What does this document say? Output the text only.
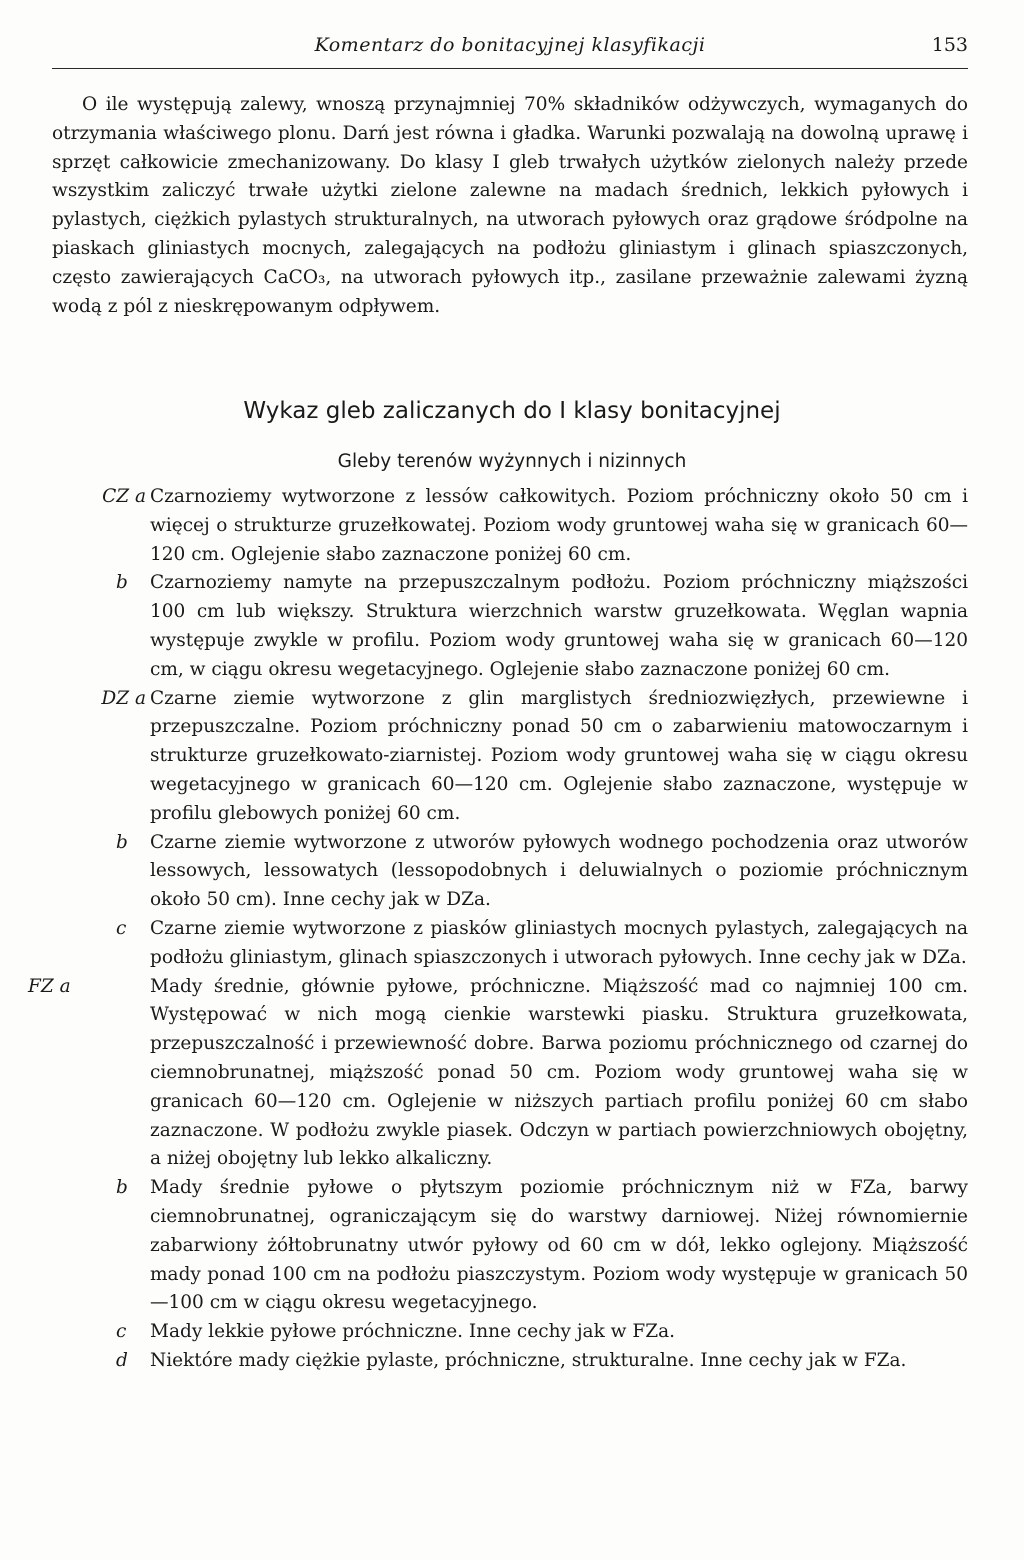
Komentarz do bonitacyjnej klasyfikacji	153

O ile występują zalewy, wnoszą przynajmniej 70% składników odżywczych, wymaganych do otrzymania właściwego plonu. Darń jest równa i gładka. Warunki pozwalają na dowolną uprawę i sprzęt całkowicie zmechanizowany. Do klasy I gleb trwałych użytków zielonych należy przede wszystkim zaliczyć trwałe użytki zielone zalewne na madach średnich, lekkich pyłowych i pylastych, ciężkich pylastych strukturalnych, na utworach pyłowych oraz grądowe śródpolne na piaskach gliniastych mocnych, zalegających na podłożu gliniastym i glinach spiaszczonych, często zawierających CaCO₃, na utworach pyłowych itp., zasilane przeważnie zalewami żyzną wodą z pól z nieskrępowanym odpływem.

Wykaz gleb zaliczanych do I klasy bonitacyjnej
Gleby terenów wyżynnych i nizinnych
CZ a Czarnoziemy wytworzone z lessów całkowitych. Poziom próchniczny około 50 cm i więcej o strukturze gruzełkowatej. Poziom wody gruntowej waha się w granicach 60—120 cm. Oglejenie słabo zaznaczone poniżej 60 cm.
b	Czarnoziemy namyte na przepuszczalnym podłożu. Poziom próchniczny miąższości 100 cm lub większy. Struktura wierzchnich warstw gruzełkowata. Węglan wapnia występuje zwykle w profilu. Poziom wody gruntowej waha się w granicach 60—120 cm, w ciągu okresu wegetacyjnego. Oglejenie słabo zaznaczone poniżej 60 cm.
DZ a Czarne ziemie wytworzone z glin marglistych średniozwięzłych, przewiewne i przepuszczalne. Poziom próchniczny ponad 50 cm o zabarwieniu matowoczarnym i strukturze gruzełkowato-ziarnistej. Poziom wody gruntowej waha się w ciągu okresu wegetacyjnego w granicach 60—120 cm. Oglejenie słabo zaznaczone, występuje w profilu glebowych poniżej 60 cm.
b	Czarne ziemie wytworzone z utworów pyłowych wodnego pochodzenia oraz utworów lessowych, lessowatych (lessopodobnych i deluwialnych o poziomie próchnicznym około 50 cm). Inne cechy jak w DZa.
c	Czarne ziemie wytworzone z piasków gliniastych mocnych pylastych, zalegających na podłożu gliniastym, glinach spiaszczonych i utworach pyłowych. Inne cechy jak w DZa.
FZ a	Mady średnie, głównie pyłowe, próchniczne. Miąższość mad co najmniej 100 cm. Występować w nich mogą cienkie warstewki piasku. Struktura gruzełkowata, przepuszczalność i przewiewność dobre. Barwa poziomu próchnicznego od czarnej do ciemnobrunatnej, miąższość ponad 50 cm. Poziom wody gruntowej waha się w granicach 60—120 cm. Oglejenie w niższych partiach profilu poniżej 60 cm słabo zaznaczone. W podłożu zwykle piasek. Odczyn w partiach powierzchniowych obojętny, a niżej obojętny lub lekko alkaliczny.
b	Mady średnie pyłowe o płytszym poziomie próchnicznym niż w FZa, barwy ciemnobrunatnej, ograniczającym się do warstwy darniowej. Niżej równomiernie zabarwiony żółtobrunatny utwór pyłowy od 60 cm w dół, lekko oglejony. Miąższość mady ponad 100 cm na podłożu piaszczystym. Poziom wody występuje w granicach 50—100 cm w ciągu okresu wegetacyjnego.
c	Mady lekkie pyłowe próchniczne. Inne cechy jak w FZa.
d	Niektóre mady ciężkie pylaste, próchniczne, strukturalne. Inne cechy jak w FZa.
